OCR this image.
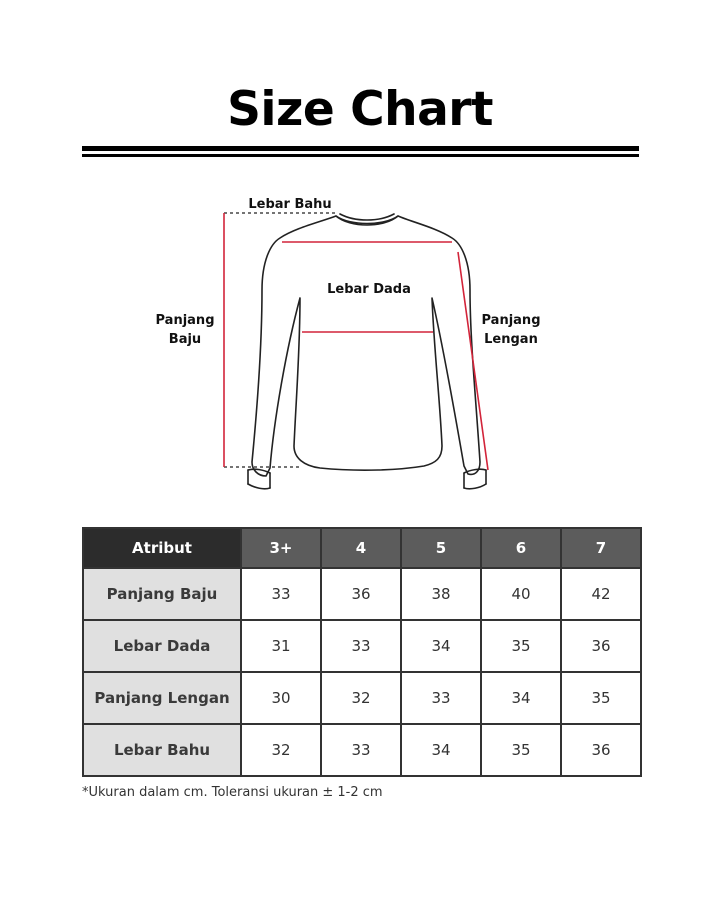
Size Chart
Lebar Bahu
Lebar Dada
Panjang
Baju
Panjang
Lengan
Atribut	3+	4	5	6	7
Panjang Baju	33	36	38	40	42
Lebar Dada	31	33	34	35	36
Panjang Lengan	30	32	33	34	35
Lebar Bahu	32	33	34	35	36
*Ukuran dalam cm. Toleransi ukuran ± 1-2 cm
